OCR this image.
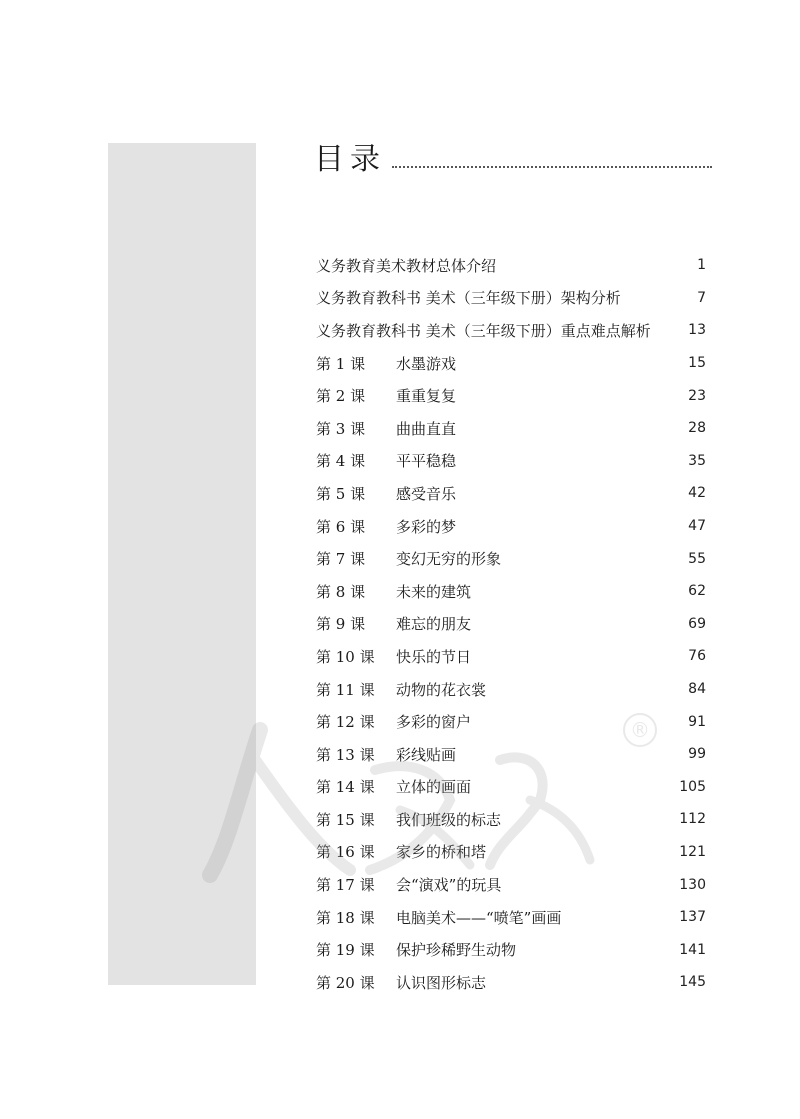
目录
义务教育美术教材总体介绍	1
义务教育教科书 美术（三年级下册）架构分析	7
义务教育教科书 美术（三年级下册）重点难点解析	13
第 1 课	水墨游戏	15
第 2 课	重重复复	23
第 3 课	曲曲直直	28
第 4 课	平平稳稳	35
第 5 课	感受音乐	42
第 6 课	多彩的梦	47
第 7 课	变幻无穷的形象	55
第 8 课	未来的建筑	62
第 9 课	难忘的朋友	69
第 10 课	快乐的节日	76
第 11 课	动物的花衣裳	84
第 12 课	多彩的窗户	91
第 13 课	彩线贴画	99
第 14 课	立体的画面	105
第 15 课	我们班级的标志	112
第 16 课	家乡的桥和塔	121
第 17 课	会“演戏”的玩具	130
第 18 课	电脑美术——“喷笔”画画	137
第 19 课	保护珍稀野生动物	141
第 20 课	认识图形标志	145
®
